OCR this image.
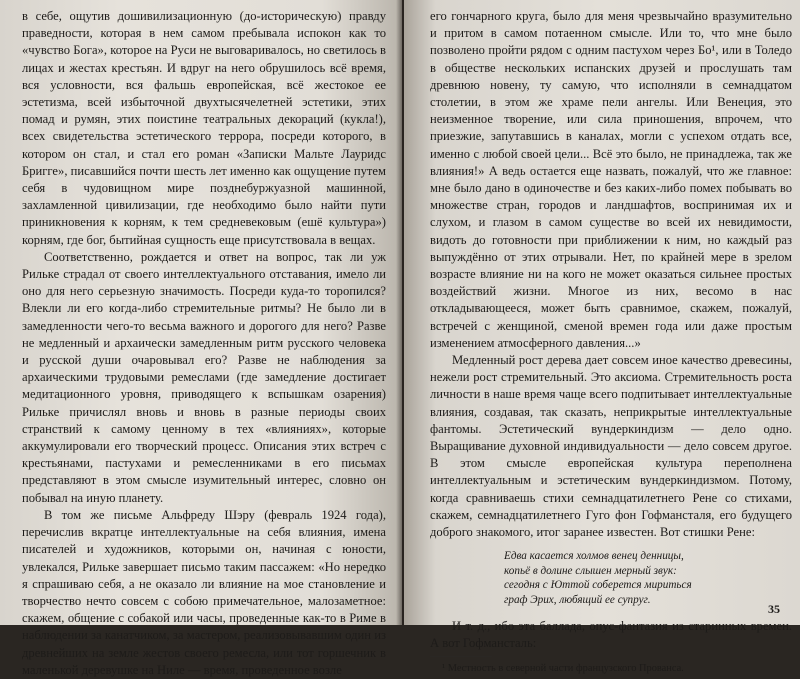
в себе, ощутив дошивилизационную (до-историческую) правду праведности, которая в нем самом пребывала испокон как то «чувство Бога», которое на Руси не выговаривалось, но светилось в лицах и жестах крестьян. И вдруг на него обрушилось всё время, вся условности, вся фальшь европейская, всё жестокое ее эстетизма, всей избыточной двухтысячелетней эстетики, этих помад и румян, этих поистине театральных декораций (кукла!), всех свидетельства эстетического террора, посреди которого, в котором он стал, и стал его роман «Записки Мальте Лауридс Бригге», писавшийся почти шесть лет именно как ощущение путем себя в чудовищном мире позднебуржуазной машинной, захламленной цивилизации, где необходимо было найти пути приникновения к корням, к тем средневековым (ешё культура») корням, где бог, бытийная сущность еще присутствовала в вещах.

Соответственно, рождается и ответ на вопрос, так ли уж Рильке страдал от своего интеллектуального отставания, имело ли оно для него серьезную значимость. Посреди куда-то торопился? Влекли ли его когда-либо стремительные ритмы? Не было ли в замедленности чего-то весьма важного и дорогого для него? Разве не медленный и архаически замедленным ритм русского человека и русской души очаровывал его? Разве не наблюдения за архаическими трудовыми ремеслами (где замедление достигает медитационного уровня, приводящего к вспышкам озарения) Рильке причислял вновь и вновь в разные периоды своих странствий к самому ценному в тех «влияниях», которые аккумулировали его творческий процесс. Описания этих встреч с крестьянами, пастухами и ремесленниками в его письмах представляют в этом смысле изумительный интерес, словно он побывал на иную планету.

В том же письме Альфреду Шэру (февраль 1924 года), перечислив вкратце интеллектуальные на себя влияния, имена писателей и художников, которыми он, начиная с юности, увлекался, Рильке завершает письмо таким пассажем: «Но нередко я спрашиваю себя, а не оказало ли влияние на мое становление и творчество нечто совсем с собою примечательное, малозаметное: скажем, общение с собакой или часы, проведенные как-то в Риме в наблюдении за канатчиком, за мастером, реализовывавшим один из древнейших на земле жестов своего ремесла, или тот горшечник в маленькой деревушке на Ниле — время, проведенное возле

его гончарного круга, было для меня чрезвычайно вразумительно и притом в самом потаенном смысле. Или то, что мне было позволено пройти рядом с одним пастухом через Бо¹, или в Толедо в обществе нескольких испанских друзей и прослушать там древнюю новену, ту самую, что исполняли в семнадцатом столетии, в этом же храме пели ангелы. Или Венеция, это неизменное творение, или сила приношения, впрочем, что приезжие, запутавшись в каналах, могли с успехом отдать все, именно с любой своей цели... Всё это было, не принадлежа, так же влияния!» А ведь остается еще назвать, пожалуй, что же главное: мне было дано в одиночестве и без каких-либо помех побывать во множестве стран, городов и ландшафтов, воспринимая их и слухом, и глазом в самом существе во всей их невидимости, видоть до готовности при приближении к ним, но каждый раз выпуждённо от этих отрывали. Нет, по крайней мере в зрелом возрасте влияние ни на кого не может оказаться сильнее простых воздействий жизни. Многое из них, весомо в нас откладывающееся, может быть сравнимое, скажем, пожалуй, встречей с женщиной, сменой времен года или даже простым изменением атмосферного давления...»

Медленный рост дерева дает совсем иное качество древесины, нежели рост стремительный. Это аксиома. Стремительность роста личности в наше время чаще всего подпитывает интеллектуальные влияния, создавая, так сказать, неприкрытые интеллектуальные фантомы. Эстетический вундеркиндизм — дело одно. Выращивание духовной индивидуальности — дело совсем другое. В этом смысле европейская культура переполнена интеллектуальным и эстетическим вундеркиндизмом. Потому, когда сравниваешь стихи семнадцатилетнего Рене со стихами, скажем, семнадцатилетнего Гуго фон Гофмансталя, его будущего доброго знакомого, итог заранее известен. Вот стишки Рене:

Едва касается холмов венец денницы,
копьё в долине слышен мерный звук:
сегодня с Юттой соберется мириться
граф Эрих, любящий ее супруг.

И т. д., ибо эта баллада, опус-фантазия из старинных времен. А вот Гофмансталь:

¹ Местность в северной части французского Прованса.

35
